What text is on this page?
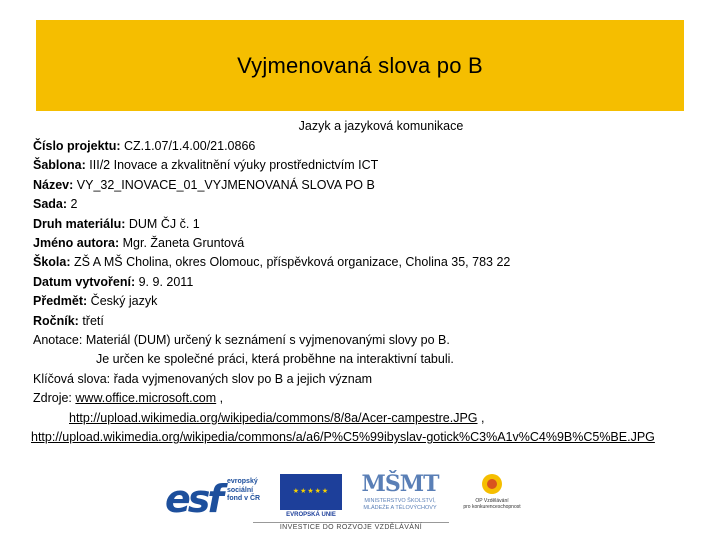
Vyjmenovaná slova po B
Jazyk a jazyková komunikace
Číslo projektu: CZ.1.07/1.4.00/21.0866
Šablona: III/2 Inovace a zkvalitnění výuky prostřednictvím ICT
Název: VY_32_INOVACE_01_VYJMENOVANÁ SLOVA PO B
Sada: 2
Druh materiálu: DUM ČJ č. 1
Jméno autora: Mgr. Žaneta Gruntová
Škola: ZŠ A MŠ Cholina, okres Olomouc, příspěvková organizace, Cholina 35, 783 22
Datum vytvoření: 9. 9. 2011
Předmět: Český jazyk
Ročník: třetí
Anotace: Materiál (DUM) určený k seznámení s vyjmenovanými slovy po B.
Je určen ke společné práci, která proběhne na interaktivní tabuli.
Klíčová slova: řada vyjmenovaných slov po B a jejich význam
Zdroje: www.office.microsoft.com ,
http://upload.wikimedia.org/wikipedia/commons/8/8a/Acer-campestre.JPG ,
http://upload.wikimedia.org/wikipedia/commons/a/a6/P%C5%99ibyslav-gotick%C3%A1v%C4%9B%C5%BE.JPG
esf evropský
sociální
fond v ČR
★★★★★
EVROPSKÁ UNIE
MŠMT
MINISTERSTVO ŠKOLSTVÍ,
MLÁDEŽE A TĚLOVÝCHOVY
OP Vzdělávání
pro konkurenceschopnost
INVESTICE DO ROZVOJE VZDĚLÁVÁNÍ
